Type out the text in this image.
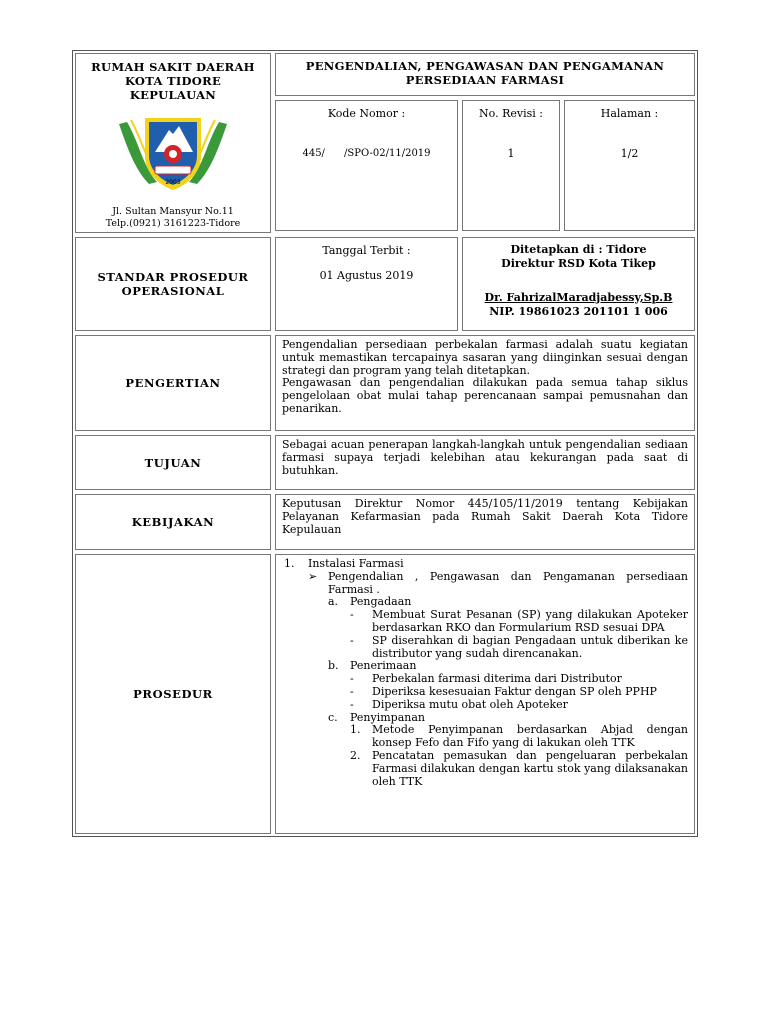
RUMAH SAKIT DAERAH KOTA TIDORE KEPULAUAN
2003
Jl. Sultan Mansyur No.11
Telp.(0921) 3161223-Tidore
PENGENDALIAN, PENGAWASAN DAN PENGAMANAN PERSEDIAAN FARMASI
Kode Nomor :
445/      /SPO-02/11/2019
No. Revisi :
1
Halaman :
1/2
STANDAR PROSEDUR OPERASIONAL
Tanggal Terbit :
01 Agustus 2019
Ditetapkan di : Tidore
Direktur RSD Kota Tikep
Dr. FahrizalMaradjabessy,Sp.B
NIP. 19861023 201101 1 006
PENGERTIAN
Pengendalian persediaan perbekalan farmasi adalah suatu kegiatan untuk memastikan tercapainya sasaran yang diinginkan sesuai dengan strategi dan program yang telah ditetapkan.
Pengawasan dan pengendalian dilakukan pada semua tahap siklus pengelolaan obat mulai tahap perencanaan sampai pemusnahan dan penarikan.
TUJUAN
Sebagai acuan penerapan langkah-langkah untuk pengendalian sediaan farmasi supaya terjadi kelebihan atau kekurangan pada saat di butuhkan.
KEBIJAKAN
Keputusan Direktur Nomor 445/105/11/2019 tentang Kebijakan Pelayanan Kefarmasian pada Rumah Sakit Daerah Kota Tidore Kepulauan
PROSEDUR
1.	Instalasi Farmasi
➢ Pengendalian , Pengawasan dan Pengamanan persediaan Farmasi .
a.	Pengadaan
-	Membuat Surat Pesanan (SP) yang dilakukan Apoteker berdasarkan RKO dan Formularium RSD sesuai DPA
-	SP diserahkan di bagian Pengadaan untuk diberikan ke distributor yang sudah direncanakan.
b.	Penerimaan
-	Perbekalan farmasi diterima dari Distributor
-	Diperiksa kesesuaian Faktur dengan SP oleh PPHP
-	Diperiksa mutu obat oleh Apoteker
c.	Penyimpanan
1.	Metode Penyimpanan berdasarkan Abjad dengan konsep Fefo dan Fifo yang di lakukan oleh TTK
2.	Pencatatan pemasukan dan pengeluaran perbekalan Farmasi dilakukan dengan kartu stok yang dilaksanakan oleh TTK
